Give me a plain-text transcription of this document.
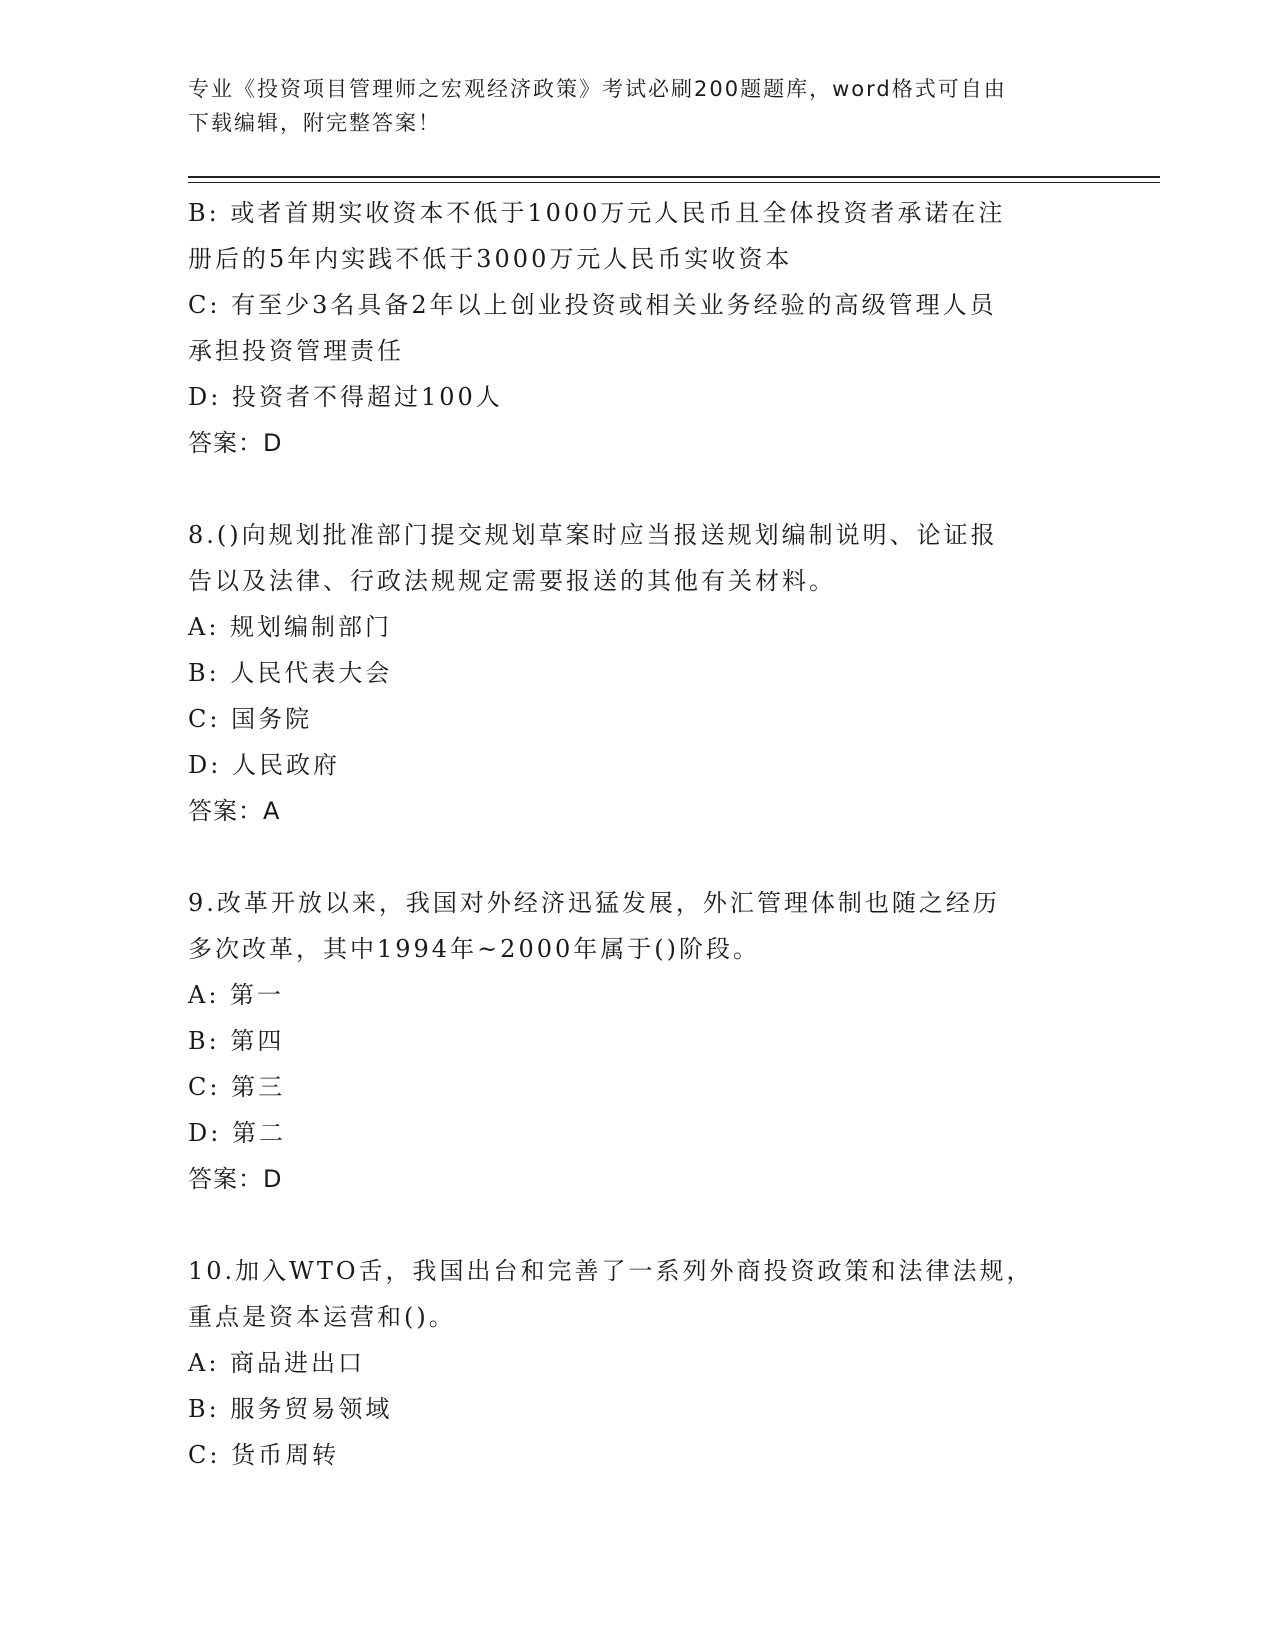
专业《投资项目管理师之宏观经济政策》考试必刷200题题库，word格式可自由
下载编辑，附完整答案！
B: 或者首期实收资本不低于1000万元人民币且全体投资者承诺在注
册后的5年内实践不低于3000万元人民币实收资本
C: 有至少3名具备2年以上创业投资或相关业务经验的高级管理人员
承担投资管理责任
D: 投资者不得超过100人
答案：D
8.()向规划批准部门提交规划草案时应当报送规划编制说明、论证报
告以及法律、行政法规规定需要报送的其他有关材料。
A: 规划编制部门
B: 人民代表大会
C: 国务院
D: 人民政府
答案：A
9.改革开放以来，我国对外经济迅猛发展，外汇管理体制也随之经历
多次改革，其中1994年~2000年属于()阶段。
A: 第一
B: 第四
C: 第三
D: 第二
答案：D
10.加入WTO舌，我国出台和完善了一系列外商投资政策和法律法规，
重点是资本运营和()。
A: 商品进出口
B: 服务贸易领域
C: 货币周转
